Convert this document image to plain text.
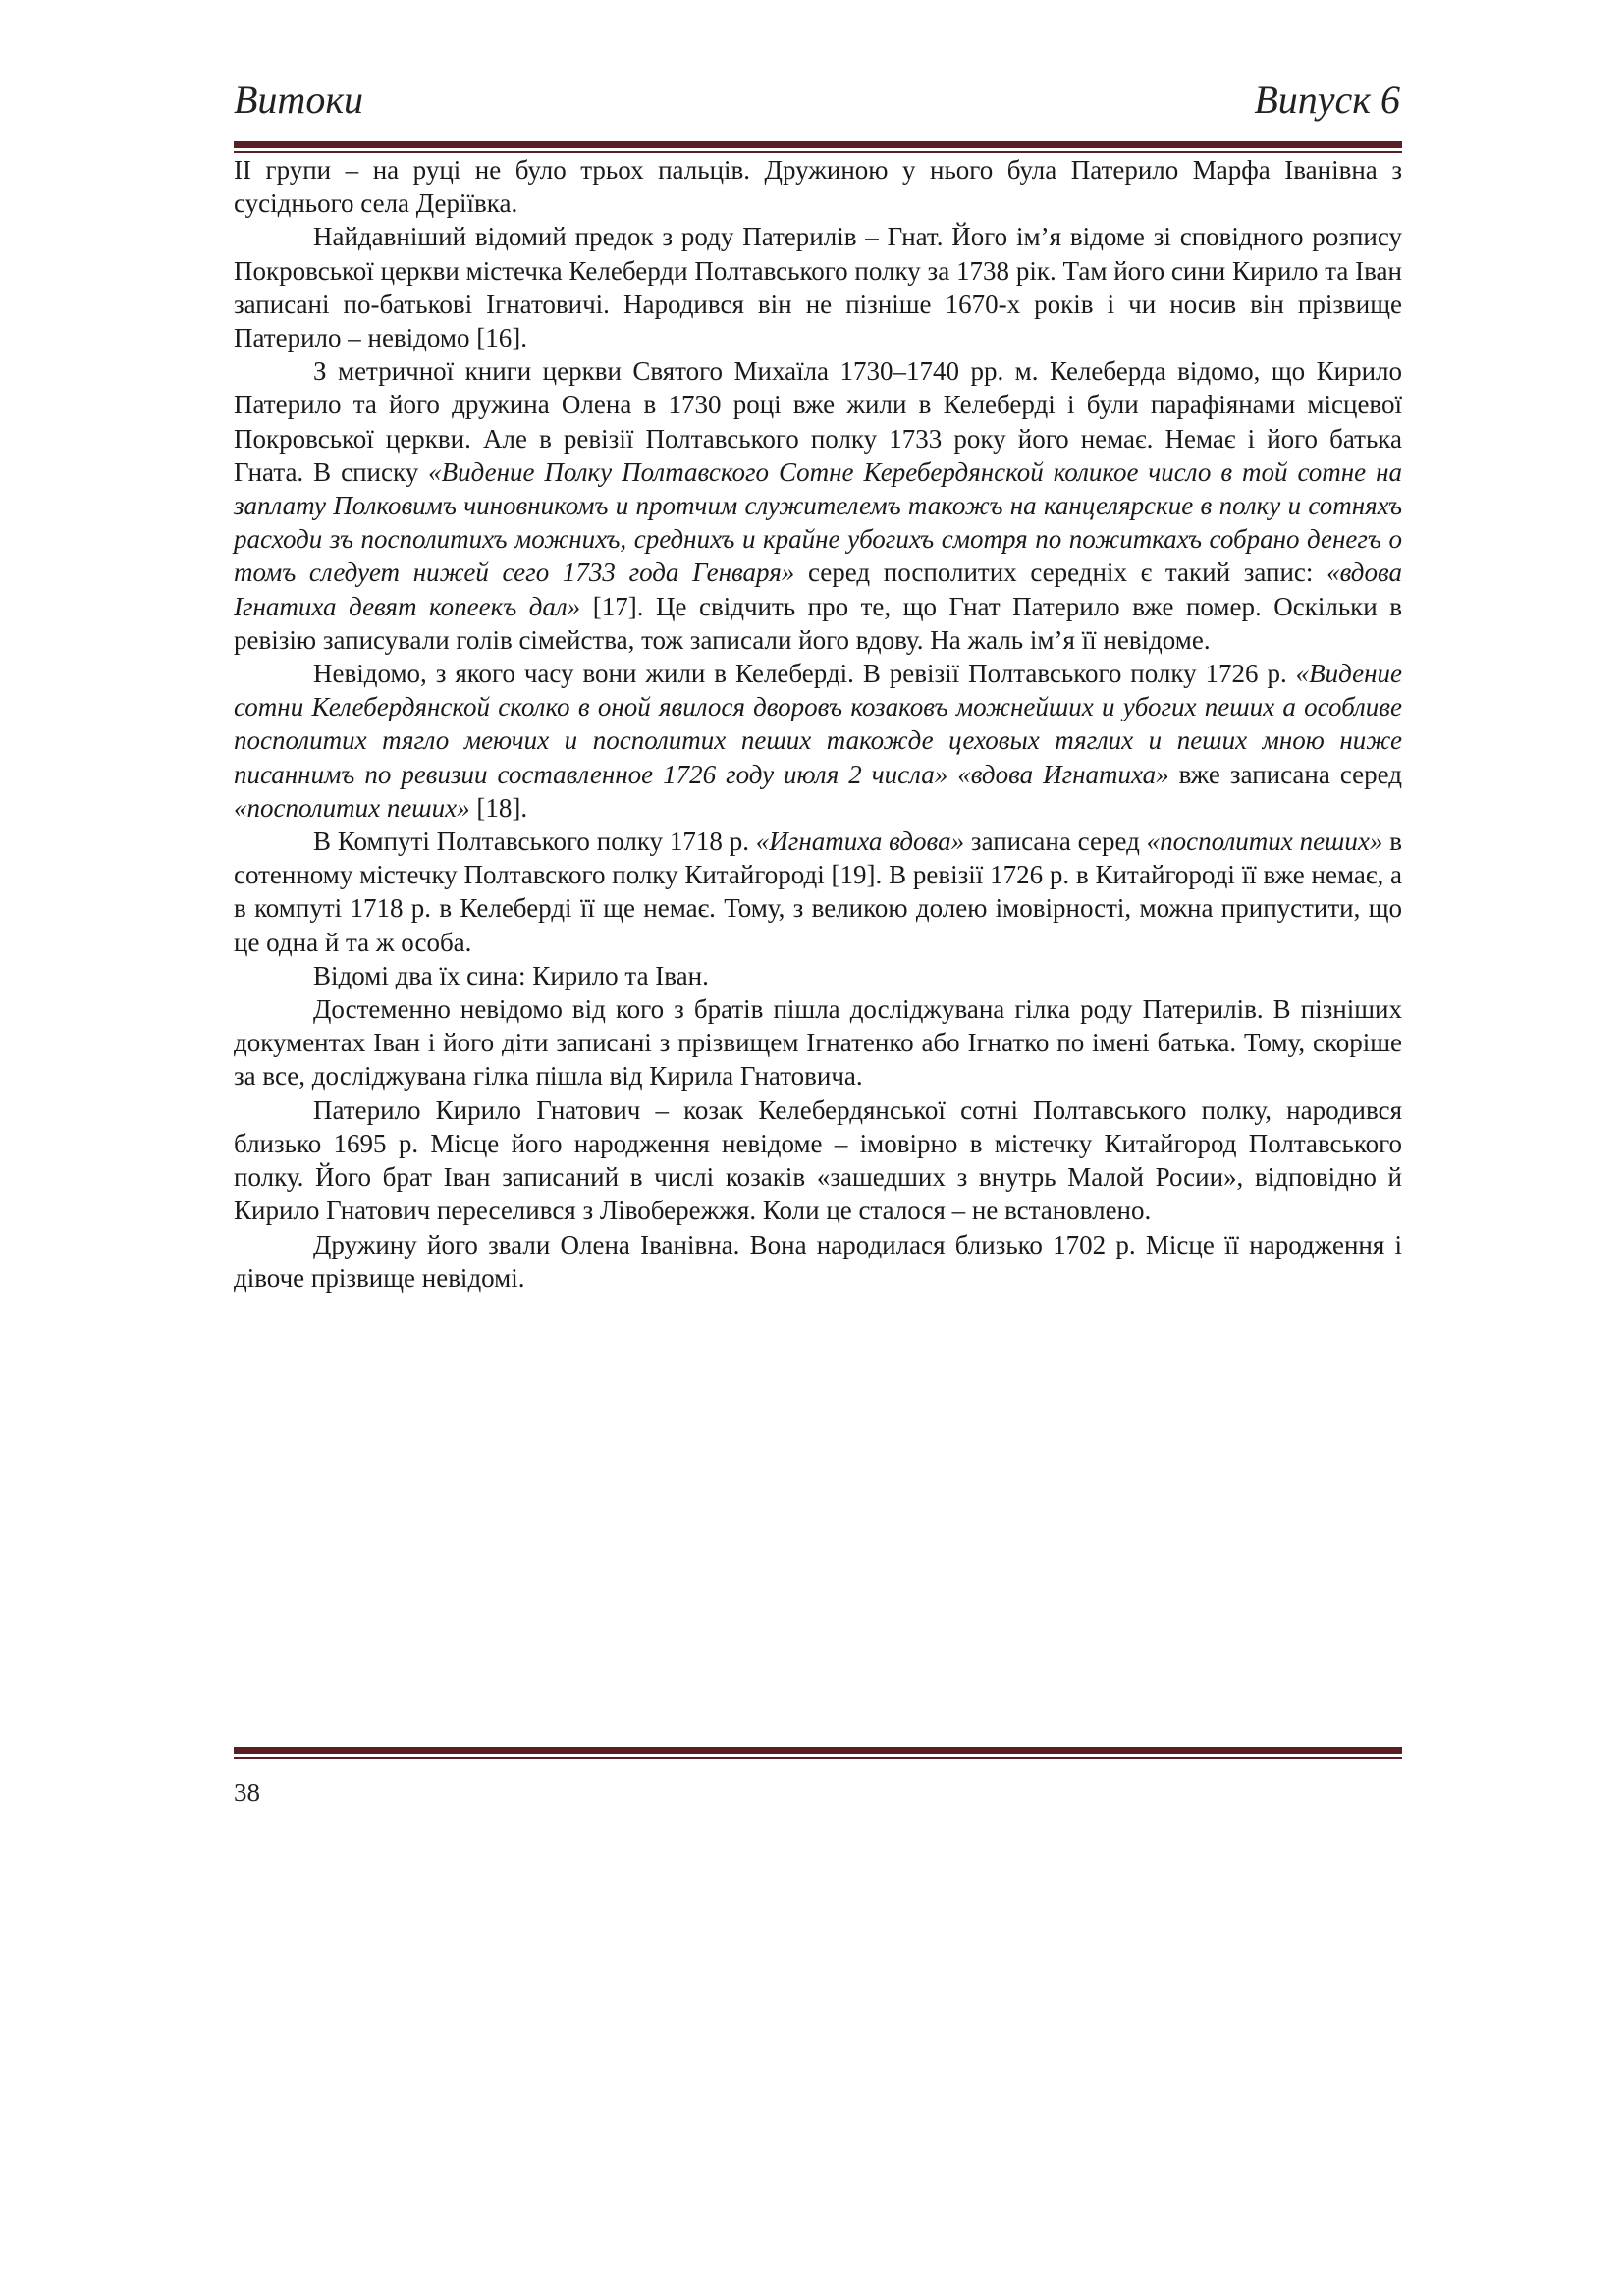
Витоки	Випуск 6

ІІ групи – на руці не було трьох пальців. Дружиною у нього була Патерило Марфа Іванівна з сусіднього села Деріївка.

Найдавніший відомий предок з роду Патерилів – Гнат. Його ім’я відоме зі сповідного розпису Покровської церкви містечка Келеберди Полтавського полку за 1738 рік. Там його сини Кирило та Іван записані по-батькові Ігнатовичі. Народився він не пізніше 1670-х років і чи носив він прізвище Патерило – невідомо [16].

З метричної книги церкви Святого Михаїла 1730–1740 рр. м. Келеберда відомо, що Кирило Патерило та його дружина Олена в 1730 році вже жили в Келеберді і були парафіянами місцевої Покровської церкви. Але в ревізії Полтавського полку 1733 року його немає. Немає і його батька Гната. В списку «Видение Полку Полтавского Сотне Керебердянской коликое число в той сотне на заплату Полковимъ чиновникомъ и протчим служителемъ такожъ на канцелярские в полку и сотняхъ расходи зъ посполитихъ можнихъ, среднихъ и крайне убогихъ смотря по пожиткахъ собрано денегъ о томъ следует нижей сего 1733 года Генваря» серед посполитих середніх є такий запис: «вдова Ігнатиха девят копеекъ дал» [17]. Це свідчить про те, що Гнат Патерило вже помер. Оскільки в ревізію записували голів сімейства, тож записали його вдову. На жаль ім’я її невідоме.

Невідомо, з якого часу вони жили в Келеберді. В ревізії Полтавського полку 1726 р. «Видение сотни Келебердянской сколко в оной явилося дворовъ козаковъ можнейших и убогих пеших а особливе посполитих тягло меючих и посполитих пеших такожде цеховых тяглих и пеших мною ниже писаннимъ по ревизии составленное 1726 году июля 2 числа» «вдова Игнатиха» вже записана серед «посполитих пеших» [18].

В Компуті Полтавського полку 1718 р. «Игнатиха вдова» записана серед «посполитих пеших» в сотенному містечку Полтавского полку Китайгороді [19]. В ревізії 1726 р. в Китайгороді її вже немає, а в компуті 1718 р. в Келеберді її ще немає. Тому, з великою долею імовірності, можна припустити, що це одна й та ж особа.

Відомі два їх сина: Кирило та Іван.

Достеменно невідомо від кого з братів пішла досліджувана гілка роду Патерилів. В пізніших документах Іван і його діти записані з прізвищем Ігнатенко або Ігнатко по імені батька. Тому, скоріше за все, досліджувана гілка пішла від Кирила Гнатовича.

Патерило Кирило Гнатович – козак Келебердянської сотні Полтавського полку, народився близько 1695 р. Місце його народження невідоме – імовірно в містечку Китайгород Полтавського полку. Його брат Іван записаний в числі козаків «зашедших з внутрь Малой Росии», відповідно й Кирило Гнатович переселився з Лівобережжя. Коли це сталося – не встановлено.

Дружину його звали Олена Іванівна. Вона народилася близько 1702 р. Місце її народження і дівоче прізвище невідомі.

38
